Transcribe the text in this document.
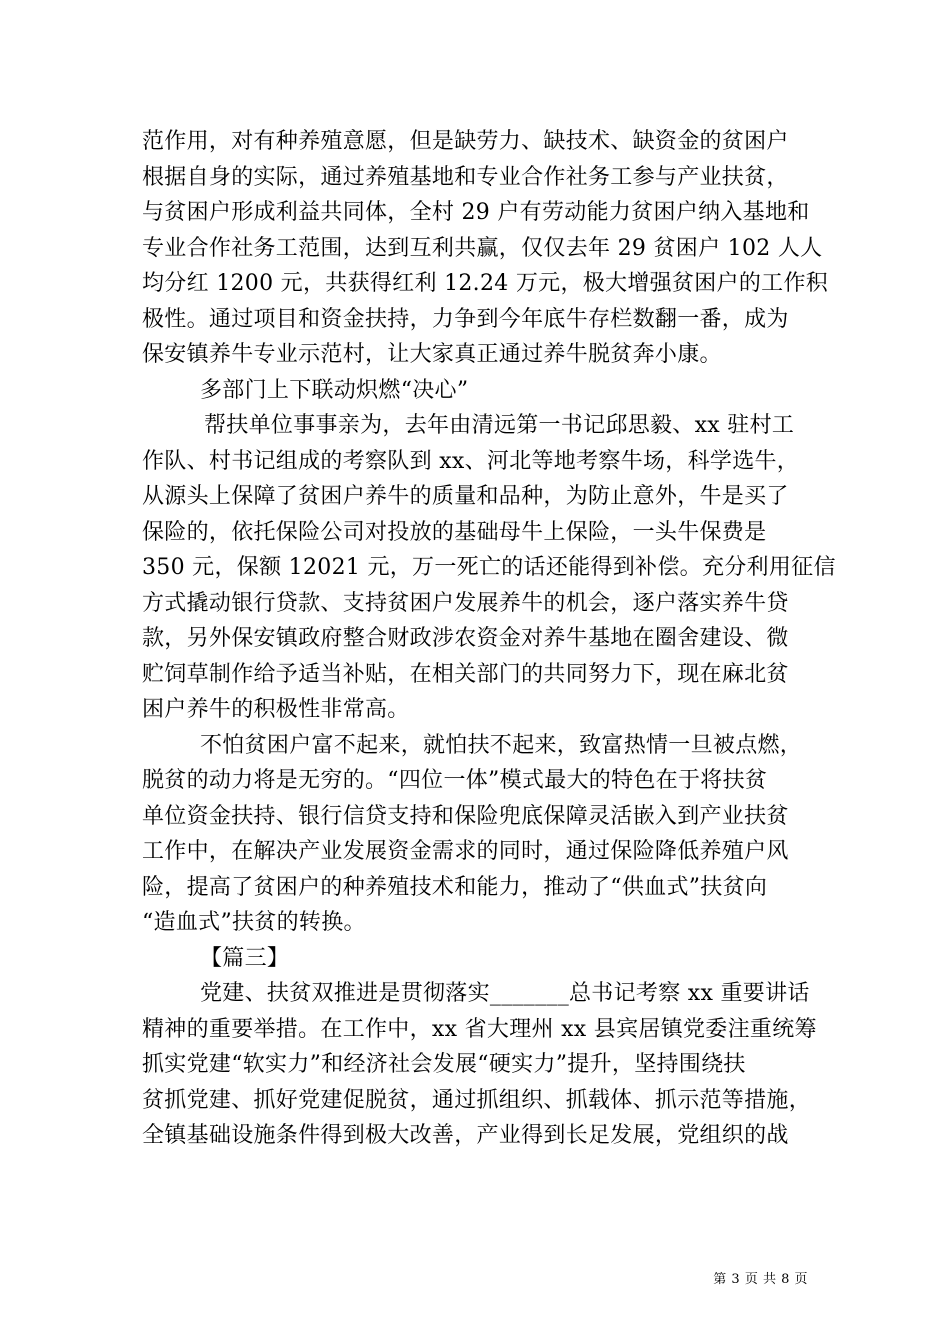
范作用，对有种养殖意愿，但是缺劳力、缺技术、缺资金的贫困户
根据自身的实际，通过养殖基地和专业合作社务工参与产业扶贫，
与贫困户形成利益共同体，全村 29 户有劳动能力贫困户纳入基地和
专业合作社务工范围，达到互利共赢，仅仅去年 29 贫困户 102 人人
均分红 1200 元，共获得红利 12.24 万元，极大增强贫困户的工作积
极性。通过项目和资金扶持，力争到今年底牛存栏数翻一番，成为
保安镇养牛专业示范村，让大家真正通过养牛脱贫奔小康。
多部门上下联动炽燃“决心”
帮扶单位事事亲为，去年由清远第一书记邱思毅、xx 驻村工
作队、村书记组成的考察队到 xx、河北等地考察牛场，科学选牛，
从源头上保障了贫困户养牛的质量和品种，为防止意外，牛是买了
保险的，依托保险公司对投放的基础母牛上保险，一头牛保费是
350 元，保额 12021 元，万一死亡的话还能得到补偿。充分利用征信
方式撬动银行贷款、支持贫困户发展养牛的机会，逐户落实养牛贷
款，另外保安镇政府整合财政涉农资金对养牛基地在圈舍建设、微
贮饲草制作给予适当补贴，在相关部门的共同努力下，现在麻北贫
困户养牛的积极性非常高。
不怕贫困户富不起来，就怕扶不起来，致富热情一旦被点燃，
脱贫的动力将是无穷的。“四位一体”模式最大的特色在于将扶贫
单位资金扶持、银行信贷支持和保险兜底保障灵活嵌入到产业扶贫
工作中，在解决产业发展资金需求的同时，通过保险降低养殖户风
险，提高了贫困户的种养殖技术和能力，推动了“供血式”扶贫向
“造血式”扶贫的转换。
【篇三】
党建、扶贫双推进是贯彻落实_______总书记考察 xx 重要讲话
精神的重要举措。在工作中，xx 省大理州 xx 县宾居镇党委注重统筹
抓实党建“软实力”和经济社会发展“硬实力”提升，坚持围绕扶
贫抓党建、抓好党建促脱贫，通过抓组织、抓载体、抓示范等措施，
全镇基础设施条件得到极大改善，产业得到长足发展，党组织的战
第 3 页 共 8 页
